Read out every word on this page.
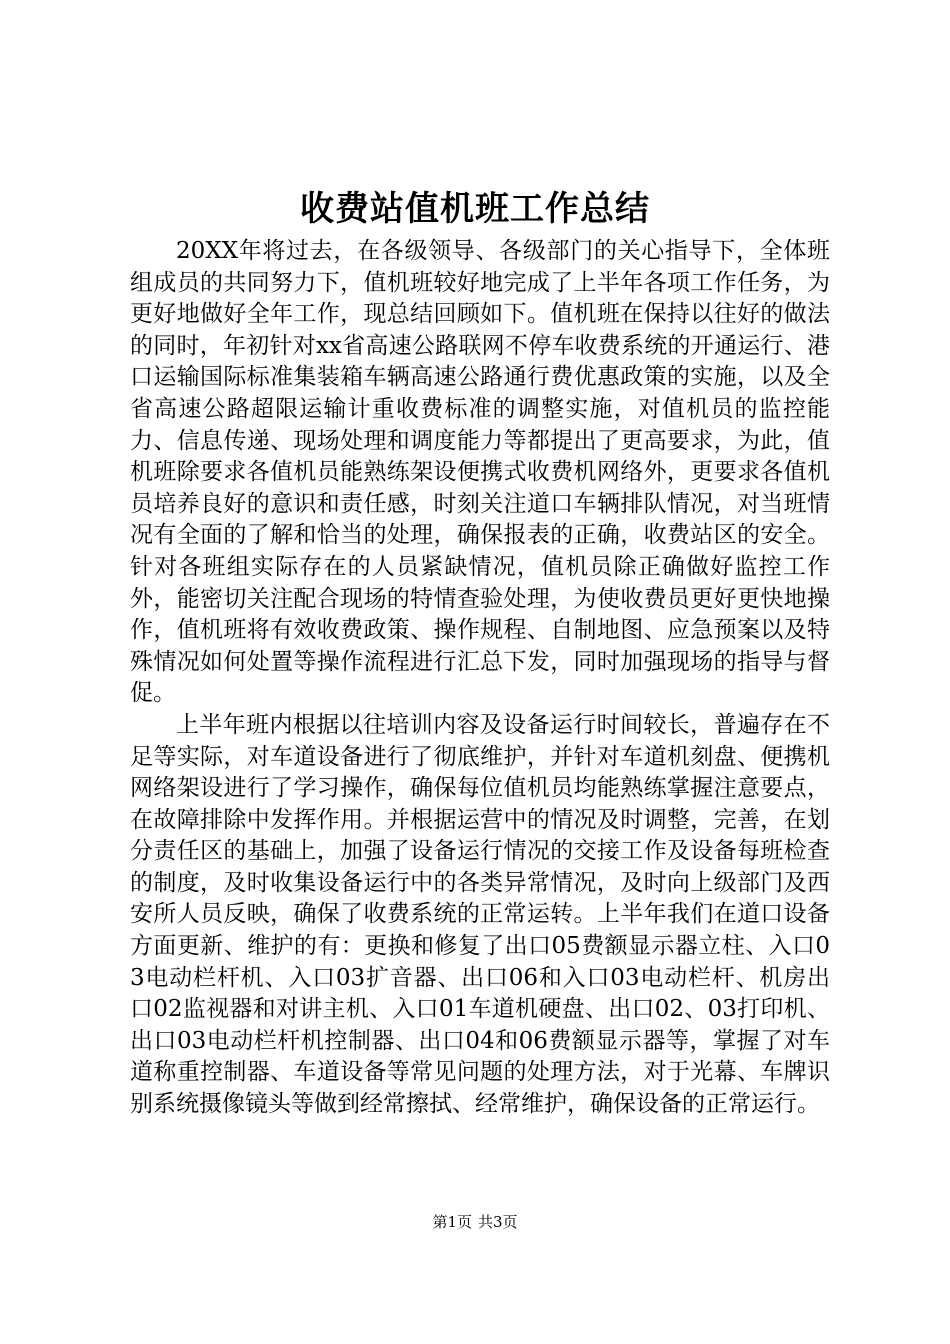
收费站值机班工作总结

20XX年将过去，在各级领导、各级部门的关心指导下，全体班组成员的共同努力下，值机班较好地完成了上半年各项工作任务，为更好地做好全年工作，现总结回顾如下。值机班在保持以往好的做法的同时，年初针对xx省高速公路联网不停车收费系统的开通运行、港口运输国际标准集装箱车辆高速公路通行费优惠政策的实施，以及全省高速公路超限运输计重收费标准的调整实施，对值机员的监控能力、信息传递、现场处理和调度能力等都提出了更高要求，为此，值机班除要求各值机员能熟练架设便携式收费机网络外，更要求各值机员培养良好的意识和责任感，时刻关注道口车辆排队情况，对当班情况有全面的了解和恰当的处理，确保报表的正确，收费站区的安全。针对各班组实际存在的人员紧缺情况，值机员除正确做好监控工作外，能密切关注配合现场的特情查验处理，为使收费员更好更快地操作，值机班将有效收费政策、操作规程、自制地图、应急预案以及特殊情况如何处置等操作流程进行汇总下发，同时加强现场的指导与督促。

上半年班内根据以往培训内容及设备运行时间较长，普遍存在不足等实际，对车道设备进行了彻底维护，并针对车道机刻盘、便携机网络架设进行了学习操作，确保每位值机员均能熟练掌握注意要点，在故障排除中发挥作用。并根据运营中的情况及时调整，完善，在划分责任区的基础上，加强了设备运行情况的交接工作及设备每班检查的制度，及时收集设备运行中的各类异常情况，及时向上级部门及西安所人员反映，确保了收费系统的正常运转。上半年我们在道口设备方面更新、维护的有：更换和修复了出口05费额显示器立柱、入口03电动栏杆机、入口03扩音器、出口06和入口03电动栏杆、机房出口02监视器和对讲主机、入口01车道机硬盘、出口02、03打印机、出口03电动栏杆机控制器、出口04和06费额显示器等，掌握了对车道称重控制器、车道设备等常见问题的处理方法，对于光幕、车牌识别系统摄像镜头等做到经常擦拭、经常维护，确保设备的正常运行。

第1页 共3页
